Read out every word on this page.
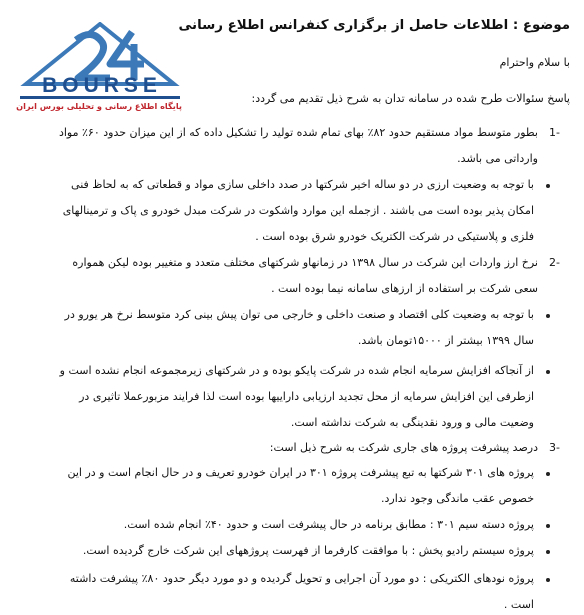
BOURSE
پایگاه اطلاع رسانی و تحلیلی بورس ایران
موضوع : اطلاعات حاصل از برگزاری کنفرانس اطلاع رسانی
با سلام واحترام
پاسخ سئوالات طرح شده در سامانه تدان به شرح ذیل تقدیم می گردد:
1-
بطور متوسط مواد مستقیم حدود ۸۲٪ بهای تمام شده تولید را تشکیل داده که از این میزان حدود ۶۰٪ مواد
وارداتی می باشد.
با توجه به وضعیت ارزی در دو ساله اخیر شرکتها در صدد داخلی سازی مواد و قطعاتی که به لحاظ فنی
امکان پذیر بوده است می باشند . ازجمله این موارد واشکوت در شرکت مبدل خودرو ی پاک و ترمینالهای
فلزی و پلاستیکی در شرکت الکتریک خودرو شرق بوده است .
2-
نرخ ارز واردات این شرکت در سال ۱۳۹۸ در زمانهاو شرکتهای مختلف متعدد و متغییر بوده لیکن همواره
سعی شرکت بر استفاده از ارزهای سامانه نیما بوده است .
با توجه به وضعیت کلی اقتصاد و صنعت داخلی و خارجی می توان پیش بینی کرد متوسط نرخ هر یورو در
سال ۱۳۹۹ بیشتر از ۱۵۰۰۰تومان باشد.
از آنجاکه افزایش سرمایه انجام شده در شرکت پایکو بوده و در شرکتهای زیرمجموعه انجام نشده است و
ازطرفی این افزایش سرمایه از محل تجدید ارزیابی داراییها بوده است لذا فرایند مزبورعملا تاثیری در
وضعیت مالی و ورود نقدینگی به شرکت نداشته است.
3-
درصد پیشرفت پروژه های جاری شرکت به شرح ذیل است:
پروژه های ۳۰۱ شرکتها به تبع پیشرفت پروژه ۳۰۱ در ایران خودرو تعریف و در حال انجام است و در این
خصوص عقب ماندگی وجود ندارد.
پروژه دسته سیم ۳۰۱ : مطابق برنامه در حال پیشرفت است و حدود ۴۰٪ انجام شده است.
پروژه سیستم رادیو پخش : با موافقت کارفرما از فهرست پروژههای این شرکت خارج گردیده است.
پروژه نودهای الکتریکی : دو مورد آن اجرایی و تحویل گردیده و دو مورد دیگر حدود ۸۰٪ پیشرفت داشته
است .
